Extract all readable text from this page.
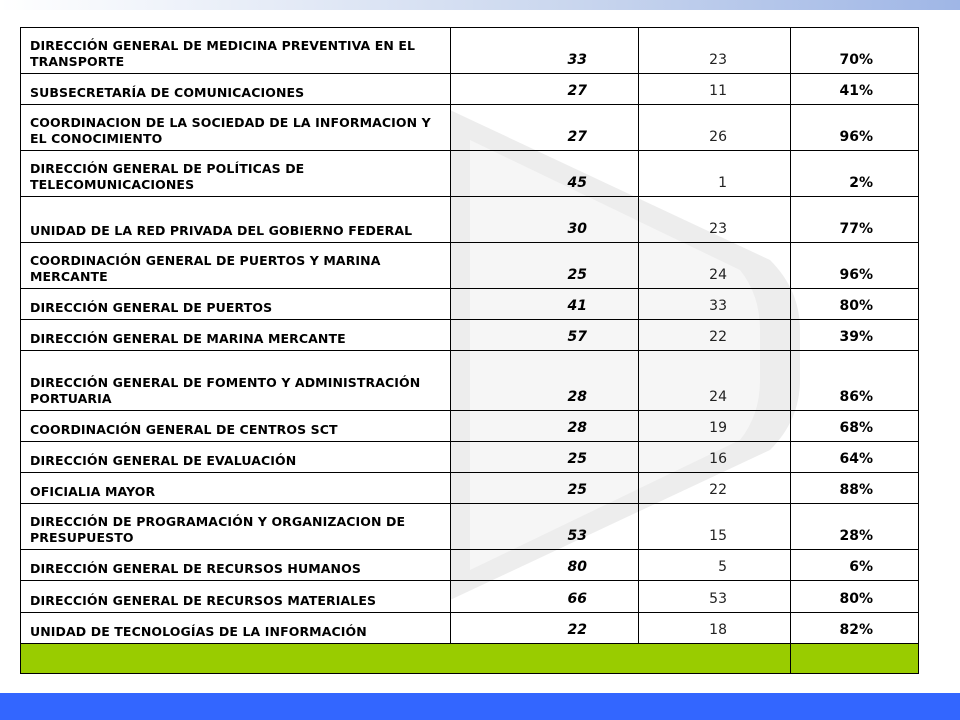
DIRECCIÓN GENERAL DE MEDICINA PREVENTIVA EN EL TRANSPORTE	33	23	70%
SUBSECRETARÍA DE COMUNICACIONES	27	11	41%
COORDINACION DE LA SOCIEDAD DE LA INFORMACION Y EL CONOCIMIENTO	27	26	96%
DIRECCIÓN GENERAL DE POLÍTICAS DE TELECOMUNICACIONES	45	1	2%
UNIDAD DE LA RED PRIVADA DEL GOBIERNO FEDERAL	30	23	77%
COORDINACIÓN GENERAL DE PUERTOS Y MARINA MERCANTE	25	24	96%
DIRECCIÓN GENERAL DE PUERTOS	41	33	80%
DIRECCIÓN GENERAL DE MARINA MERCANTE	57	22	39%
DIRECCIÓN GENERAL DE FOMENTO Y ADMINISTRACIÓN PORTUARIA	28	24	86%
COORDINACIÓN GENERAL DE CENTROS SCT	28	19	68%
DIRECCIÓN GENERAL DE EVALUACIÓN	25	16	64%
OFICIALIA MAYOR	25	22	88%
DIRECCIÓN DE PROGRAMACIÓN Y ORGANIZACION DE PRESUPUESTO	53	15	28%
DIRECCIÓN GENERAL DE RECURSOS HUMANOS	80	5	6%
DIRECCIÓN GENERAL DE RECURSOS MATERIALES	66	53	80%
UNIDAD DE TECNOLOGÍAS DE LA INFORMACIÓN	22	18	82%
